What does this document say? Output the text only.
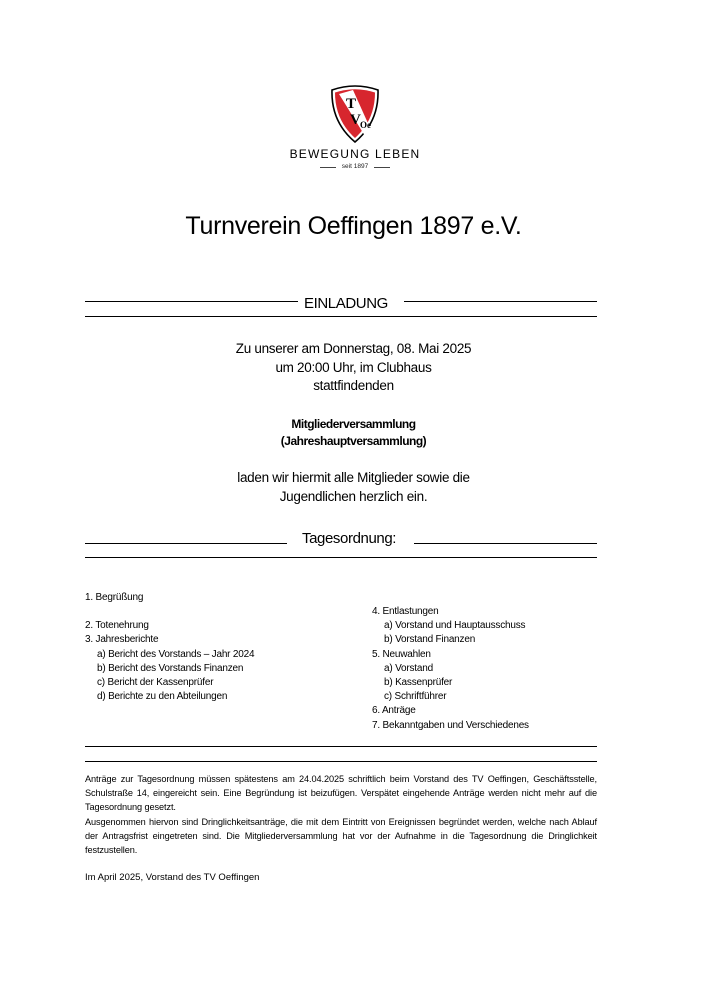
T
V Oe
BEWEGUNG LEBEN
seit 1897
Turnverein Oeffingen 1897 e.V.
EINLADUNG
Zu unserer am Donnerstag, 08. Mai 2025
um 20:00 Uhr, im Clubhaus
stattfindenden
Mitgliederversammlung
(Jahreshauptversammlung)
laden wir hiermit alle Mitglieder sowie die
Jugendlichen herzlich ein.
Tagesordnung:
1. Begrüßung
2. Totenehrung
3. Jahresberichte
a) Bericht des Vorstands – Jahr 2024
b) Bericht des Vorstands Finanzen
c) Bericht der Kassenprüfer
d) Berichte zu den Abteilungen
4. Entlastungen
a) Vorstand und Hauptausschuss
b) Vorstand Finanzen
5. Neuwahlen
a) Vorstand
b) Kassenprüfer
c) Schriftführer
6. Anträge
7. Bekanntgaben und Verschiedenes

Anträge zur Tagesordnung müssen spätestens am 24.04.2025 schriftlich beim Vorstand des TV Oeffingen, Geschäftsstelle, Schulstraße 14, eingereicht sein. Eine Begründung ist beizufügen. Verspätet eingehende Anträge werden nicht mehr auf die Tagesordnung gesetzt.

Ausgenommen hiervon sind Dringlichkeitsanträge, die mit dem Eintritt von Ereignissen begründet werden, welche nach Ablauf der Antragsfrist eingetreten sind. Die Mitgliederversammlung hat vor der Aufnahme in die Tagesordnung die Dringlichkeit festzustellen.

Im April 2025, Vorstand des TV Oeffingen
